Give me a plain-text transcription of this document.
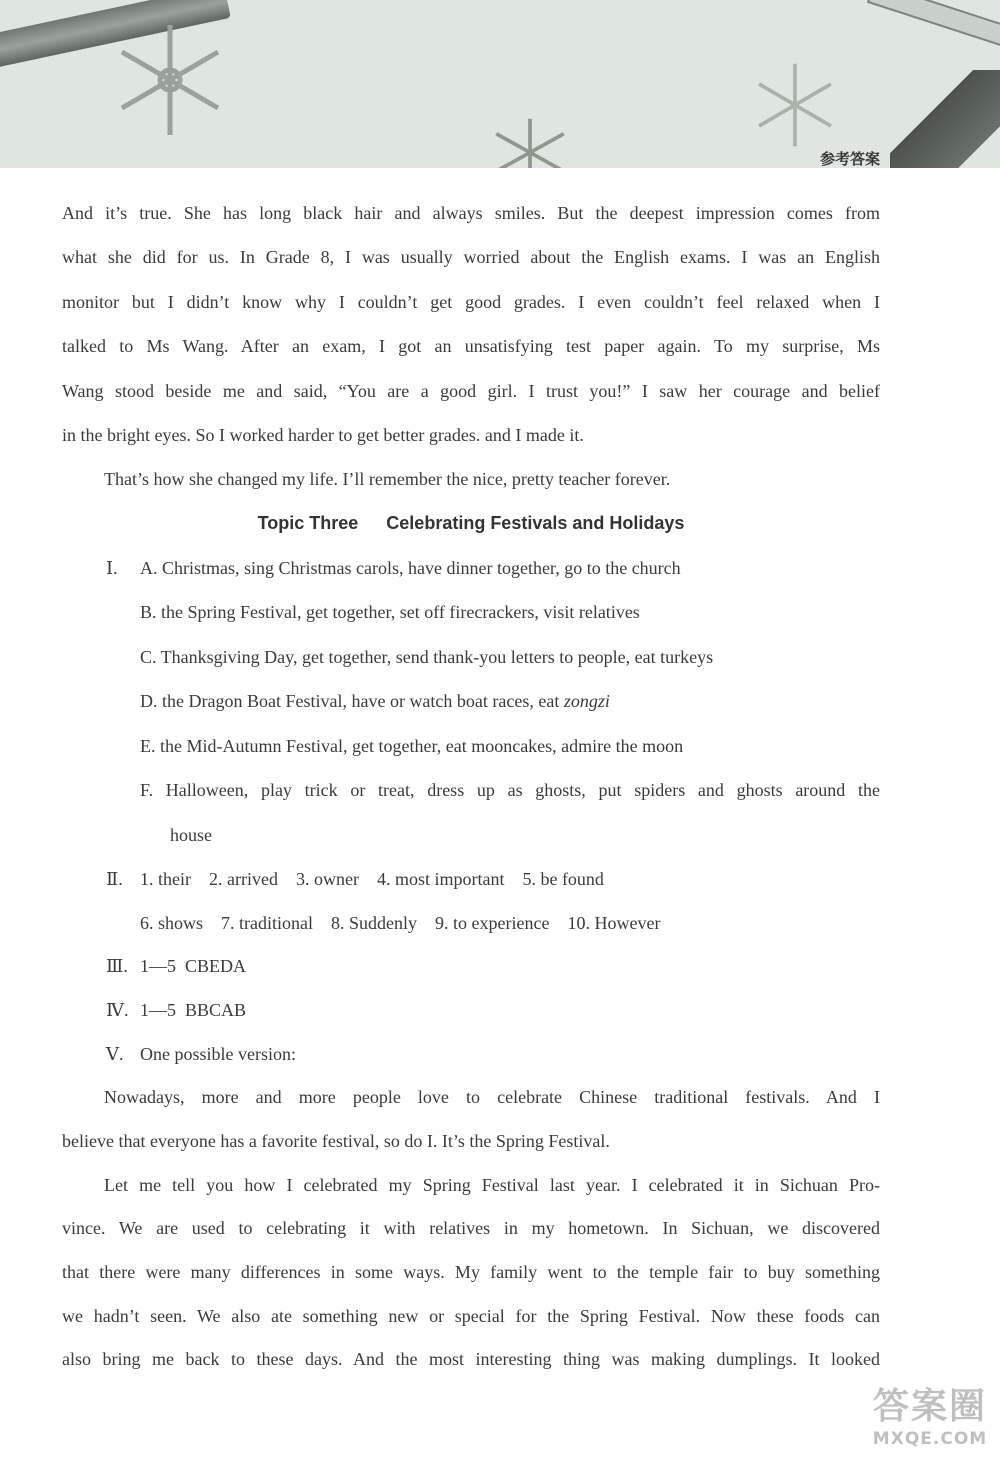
参考答案
And it’s true. She has long black hair and always smiles. But the deepest impression comes from
what she did for us. In Grade 8, I was usually worried about the English exams. I was an English
monitor but I didn’t know why I couldn’t get good grades. I even couldn’t feel relaxed when I
talked to Ms Wang. After an exam, I got an unsatisfying test paper again. To my surprise, Ms
Wang stood beside me and said, “You are a good girl. I trust you!” I saw her courage and belief
in the bright eyes. So I worked harder to get better grades. and I made it.
That’s how she changed my life. I’ll remember the nice, pretty teacher forever.
Topic Three Celebrating Festivals and Holidays
Ⅰ. A. Christmas, sing Christmas carols, have dinner together, go to the church
B. the Spring Festival, get together, set off firecrackers, visit relatives
C. Thanksgiving Day, get together, send thank-you letters to people, eat turkeys
D. the Dragon Boat Festival, have or watch boat races, eat zongzi
E. the Mid-Autumn Festival, get together, eat mooncakes, admire the moon
F. Halloween, play trick or treat, dress up as ghosts, put spiders and ghosts around the
house
Ⅱ. 1. their 2. arrived 3. owner 4. most important 5. be found
6. shows 7. traditional 8. Suddenly 9. to experience 10. However
Ⅲ. 1—5  CBEDA
Ⅳ. 1—5  BBCAB
Ⅴ. One possible version:
Nowadays, more and more people love to celebrate Chinese traditional festivals. And I
believe that everyone has a favorite festival, so do I. It’s the Spring Festival.
Let me tell you how I celebrated my Spring Festival last year. I celebrated it in Sichuan Pro-
vince. We are used to celebrating it with relatives in my hometown. In Sichuan, we discovered
that there were many differences in some ways. My family went to the temple fair to buy something
we hadn’t seen. We also ate something new or special for the Spring Festival. Now these foods can
also bring me back to these days. And the most interesting thing was making dumplings. It looked
答案圈
MXQE.COM
